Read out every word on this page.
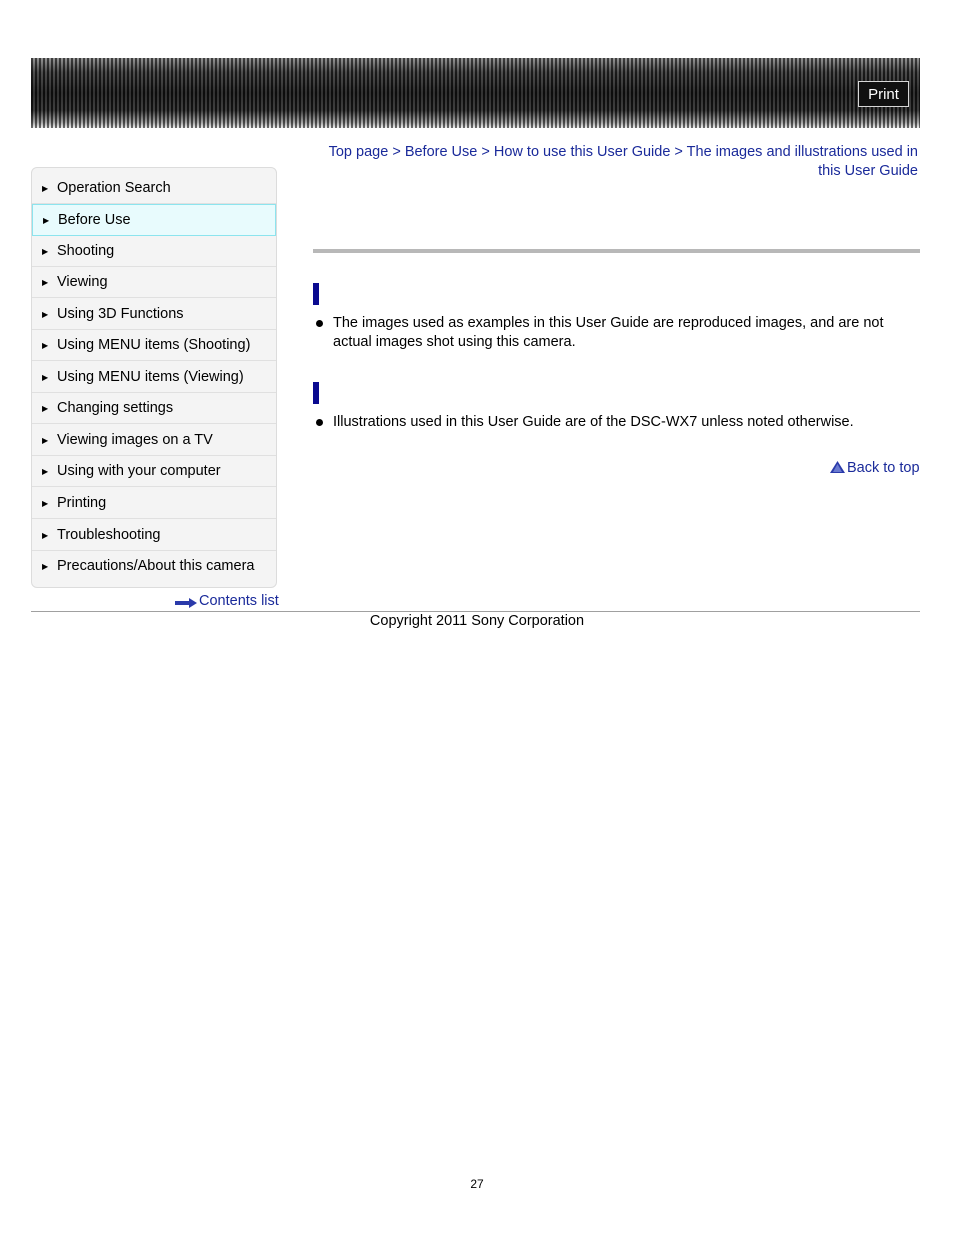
Print
Top page > Before Use > How to use this User Guide > The images and illustrations used in this User Guide
▶ Operation Search
▶ Before Use
▶ Shooting
▶ Viewing
▶ Using 3D Functions
▶ Using MENU items (Shooting)
▶ Using MENU items (Viewing)
▶ Changing settings
▶ Viewing images on a TV
▶ Using with your computer
▶ Printing
▶ Troubleshooting
▶ Precautions/About this camera
Contents list
The images used as examples in this User Guide are reproduced images, and are not actual images shot using this camera.
Illustrations used in this User Guide are of the DSC-WX7 unless noted otherwise.
Back to top
Copyright 2011 Sony Corporation
27
